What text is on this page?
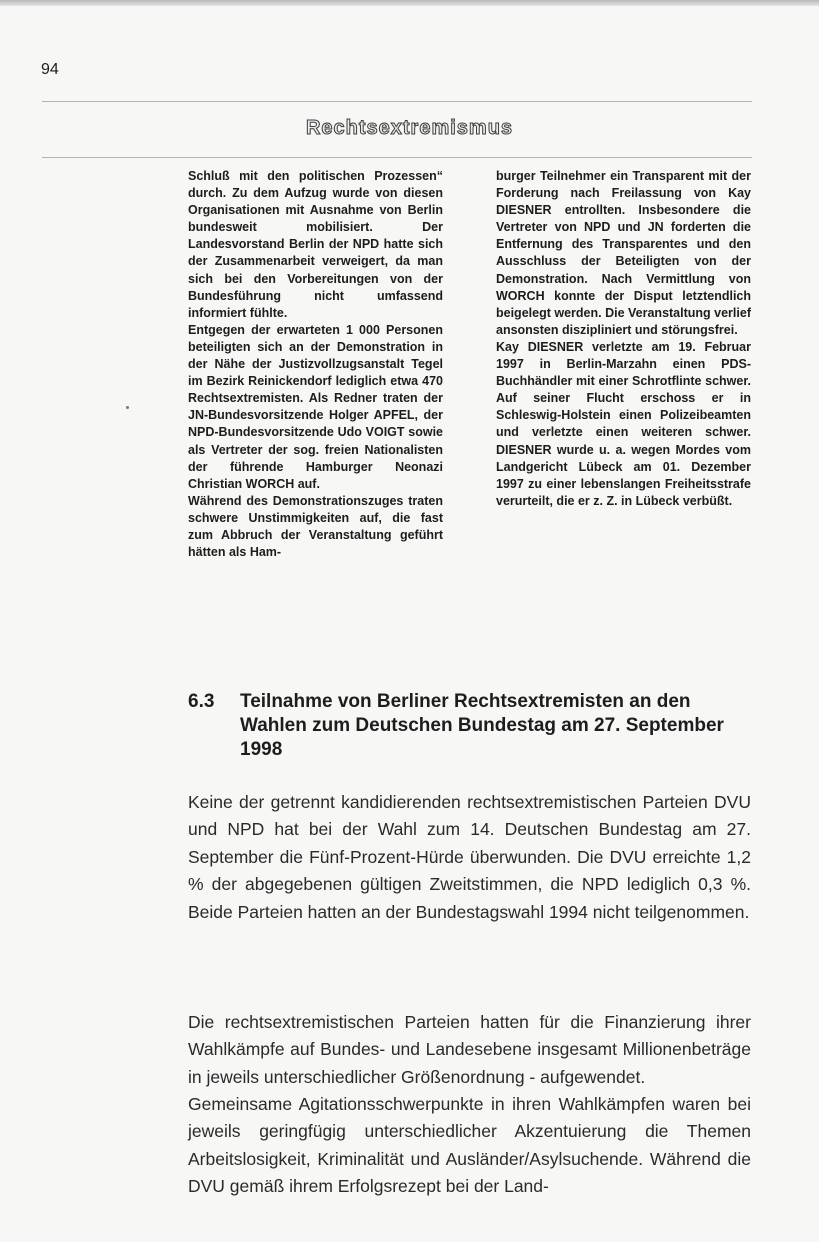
94
Rechtsextremismus

Schluß mit den politischen Prozessen“ durch. Zu dem Aufzug wurde von diesen Organisationen mit Ausnahme von Berlin bundesweit mobilisiert. Der Landesvorstand Berlin der NPD hatte sich der Zusammenarbeit verweigert, da man sich bei den Vorbereitungen von der Bundesführung nicht umfassend informiert fühlte.

Entgegen der erwarteten 1 000 Personen beteiligten sich an der Demonstration in der Nähe der Justizvollzugsanstalt Tegel im Bezirk Reinickendorf lediglich etwa 470 Rechtsextremisten. Als Redner traten der JN-Bundesvorsitzende Holger APFEL, der NPD-Bundesvorsitzende Udo VOIGT sowie als Vertreter der sog. freien Nationalisten der führende Hamburger Neonazi Christian WORCH auf.

Während des Demonstrationszuges traten schwere Unstimmigkeiten auf, die fast zum Abbruch der Veranstaltung geführt hätten als Ham-

burger Teilnehmer ein Transparent mit der Forderung nach Freilassung von Kay DIESNER entrollten. Insbesondere die Vertreter von NPD und JN forderten die Entfernung des Transparentes und den Ausschluss der Beteiligten von der Demonstration. Nach Vermittlung von WORCH konnte der Disput letztendlich beigelegt werden. Die Veranstaltung verlief ansonsten diszipliniert und störungsfrei.

Kay DIESNER verletzte am 19. Februar 1997 in Berlin-Marzahn einen PDS-Buchhändler mit einer Schrotflinte schwer. Auf seiner Flucht erschoss er in Schleswig-Holstein einen Polizeibeamten und verletzte einen weiteren schwer. DIESNER wurde u. a. wegen Mordes vom Landgericht Lübeck am 01. Dezember 1997 zu einer lebenslangen Freiheitsstrafe verurteilt, die er z. Z. in Lübeck verbüßt.

6.3 Teilnahme von Berliner Rechtsextremisten an den Wahlen zum Deutschen Bundestag am 27. September 1998

Keine der getrennt kandidierenden rechtsextremistischen Parteien DVU und NPD hat bei der Wahl zum 14. Deutschen Bundestag am 27. September die Fünf-Prozent-Hürde überwunden. Die DVU erreichte 1,2 % der abgegebenen gültigen Zweitstimmen, die NPD lediglich 0,3 %. Beide Parteien hatten an der Bundestagswahl 1994 nicht teilgenommen.

Die rechtsextremistischen Parteien hatten für die Finanzierung ihrer Wahlkämpfe auf Bundes- und Landesebene insgesamt Millionenbeträge in jeweils unterschiedlicher Größenordnung - aufgewendet.

Gemeinsame Agitationsschwerpunkte in ihren Wahlkämpfen waren bei jeweils geringfügig unterschiedlicher Akzentuierung die Themen Arbeitslosigkeit, Kriminalität und Ausländer/Asylsuchende. Während die DVU gemäß ihrem Erfolgsrezept bei der Land-
